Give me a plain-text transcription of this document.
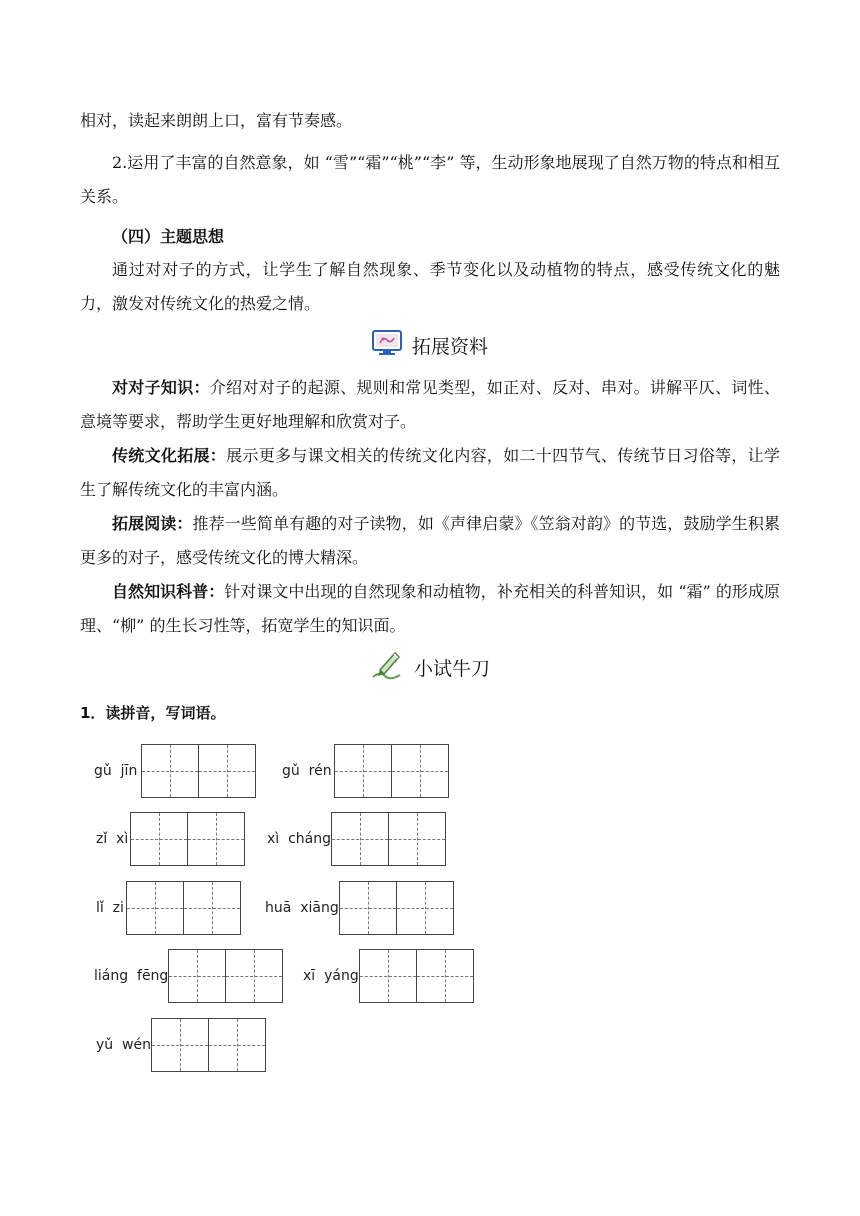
相对，读起来朗朗上口，富有节奏感。
2.运用了丰富的自然意象，如 “雪”“霜”“桃”“李” 等，生动形象地展现了自然万物的特点和相互关系。
（四）主题思想
通过对对子的方式，让学生了解自然现象、季节变化以及动植物的特点，感受传统文化的魅力，激发对传统文化的热爱之情。
拓展资料
对对子知识：介绍对对子的起源、规则和常见类型，如正对、反对、串对。讲解平仄、词性、意境等要求，帮助学生更好地理解和欣赏对子。
传统文化拓展：展示更多与课文相关的传统文化内容，如二十四节气、传统节日习俗等，让学生了解传统文化的丰富内涵。
拓展阅读：推荐一些简单有趣的对子读物，如《声律启蒙》《笠翁对韵》的节选，鼓励学生积累更多的对子，感受传统文化的博大精深。
自然知识科普：针对课文中出现的自然现象和动植物，补充相关的科普知识，如 “霜” 的形成原理、“柳” 的生长习性等，拓宽学生的知识面。
小试牛刀
1．读拼音，写词语。
gǔ  jīn	gǔ  rén
zǐ  xì	xì  cháng
lǐ  zi	huā  xiāng
liáng  fēng	xī  yáng
yǔ  wén
